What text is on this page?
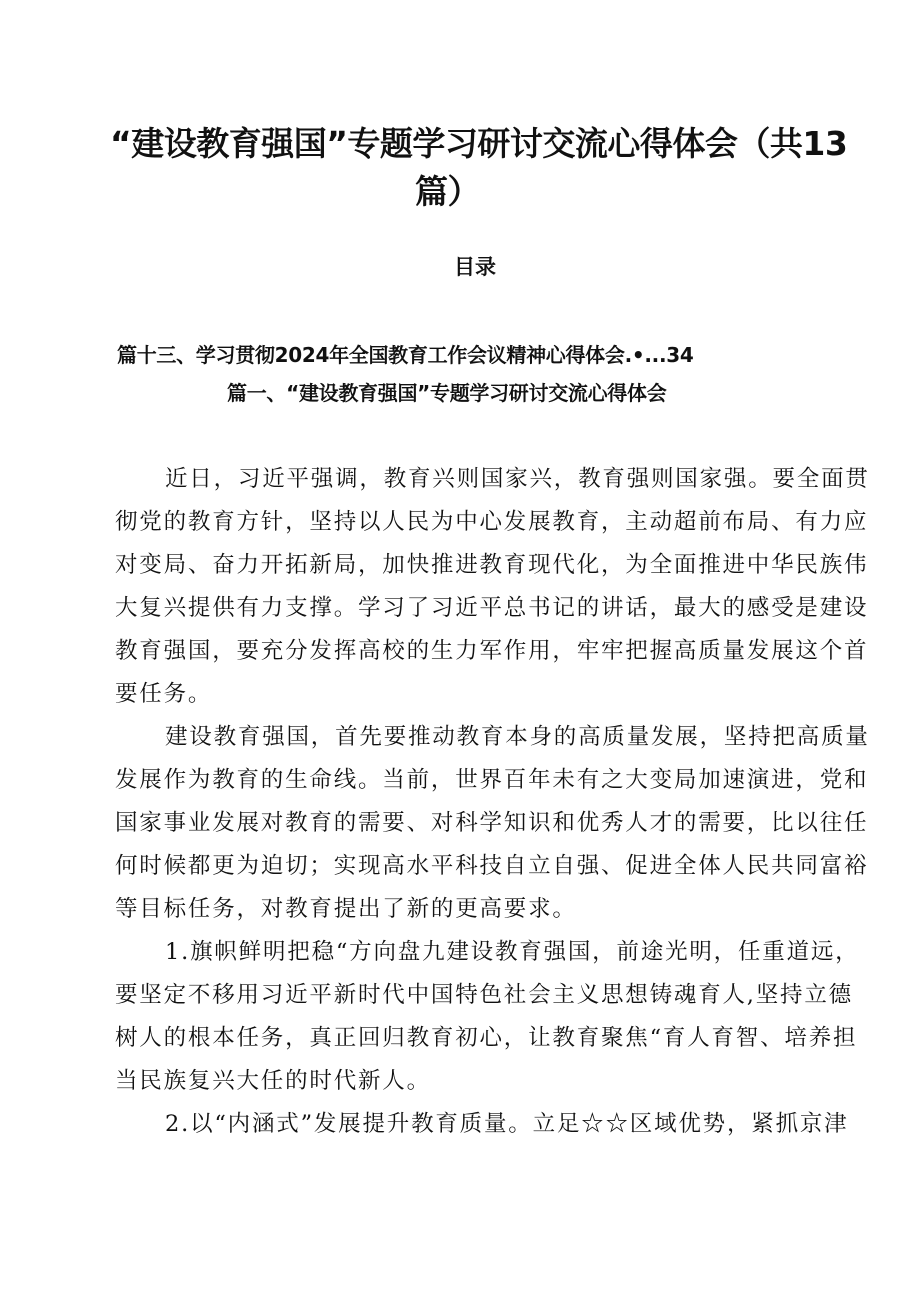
“建设教育强国”专题学习研讨交流心得体会（共13
篇）
目录
篇十三、学习贯彻2024年全国教育工作会议精神心得体会.•...34
篇一、“建设教育强国”专题学习研讨交流心得体会
近日，习近平强调，教育兴则国家兴，教育强则国家强。要全面贯
彻党的教育方针，坚持以人民为中心发展教育，主动超前布局、有力应
对变局、奋力开拓新局，加快推进教育现代化，为全面推进中华民族伟
大复兴提供有力支撑。学习了习近平总书记的讲话，最大的感受是建设
教育强国，要充分发挥高校的生力军作用，牢牢把握高质量发展这个首
要任务。
建设教育强国，首先要推动教育本身的高质量发展，坚持把高质量
发展作为教育的生命线。当前，世界百年未有之大变局加速演进，党和
国家事业发展对教育的需要、对科学知识和优秀人才的需要，比以往任
何时候都更为迫切；实现高水平科技自立自强、促进全体人民共同富裕
等目标任务，对教育提出了新的更高要求。
1.旗帜鲜明把稳“方向盘九建设教育强国，前途光明，任重道远，
要坚定不移用习近平新时代中国特色社会主义思想铸魂育人,坚持立德
树人的根本任务，真正回归教育初心，让教育聚焦“育人育智、培养担
当民族复兴大任的时代新人。
2.以“内涵式”发展提升教育质量。立足☆☆区域优势，紧抓京津
